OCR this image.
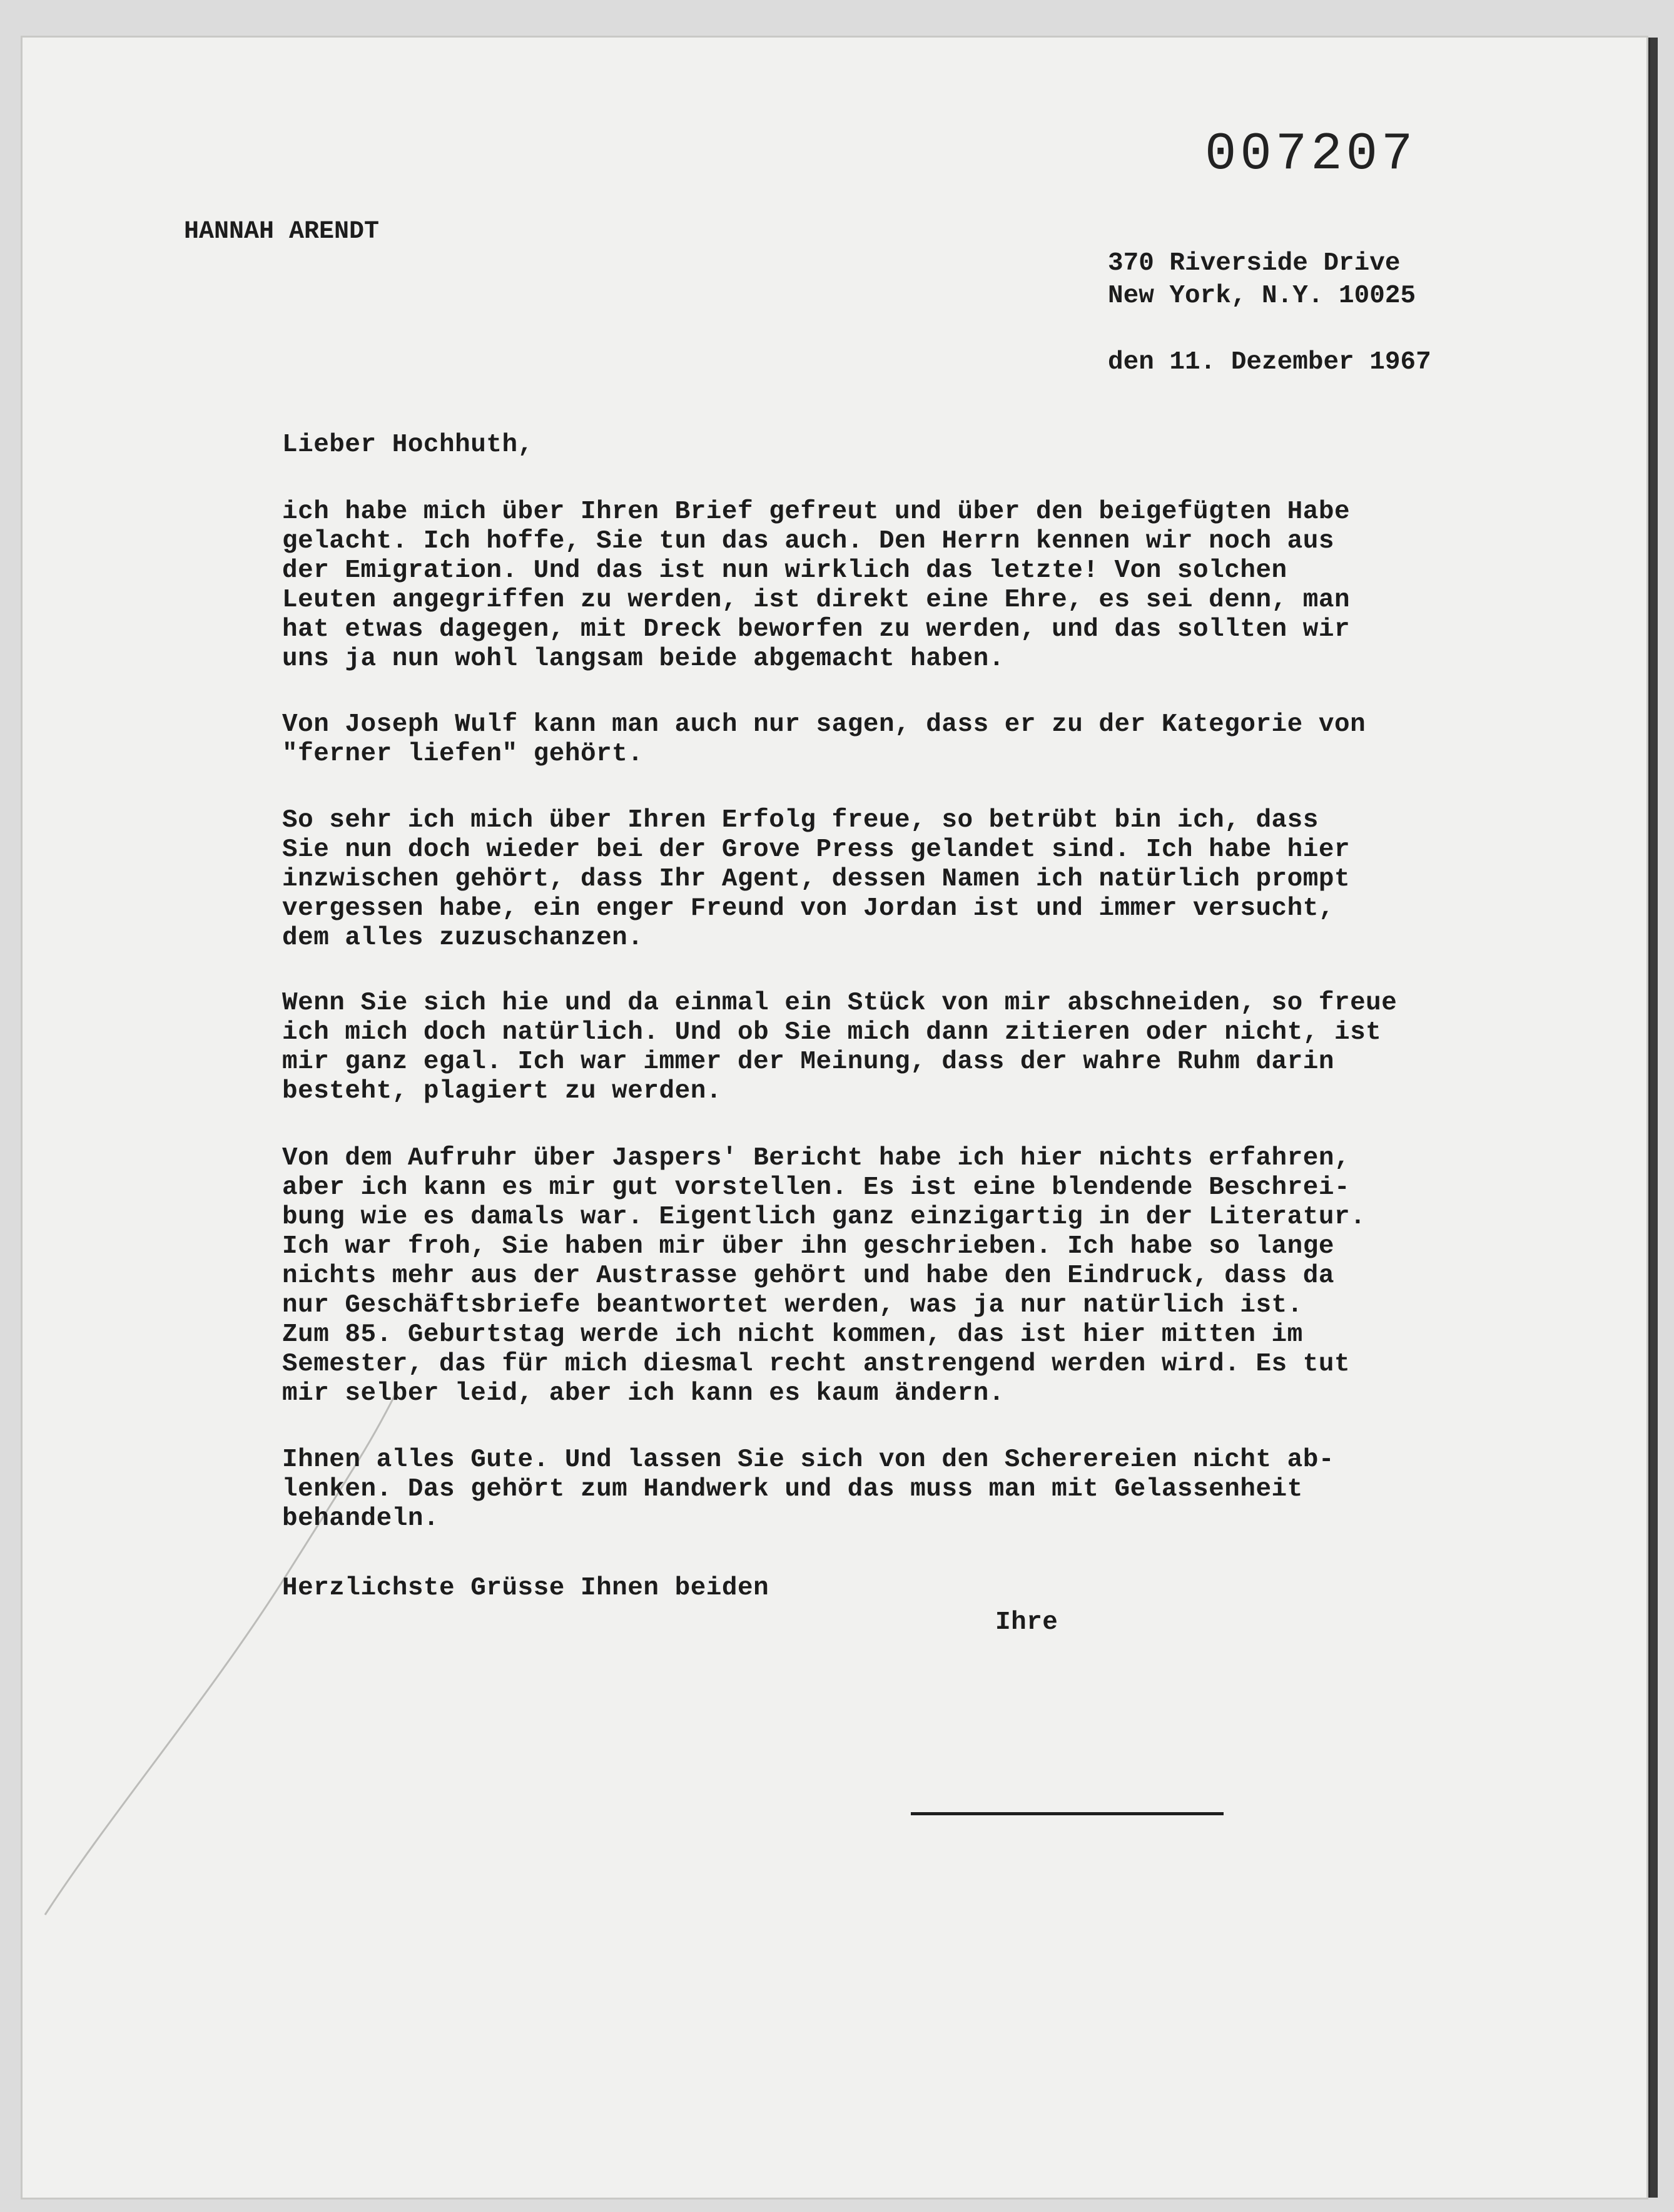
007207
HANNAH ARENDT
370 Riverside Drive
New York, N.Y. 10025
den 11. Dezember 1967
Lieber Hochhuth,
ich habe mich über Ihren Brief gefreut und über den beigefügten Habe
gelacht. Ich hoffe, Sie tun das auch. Den Herrn kennen wir noch aus
der Emigration. Und das ist nun wirklich das letzte! Von solchen
Leuten angegriffen zu werden, ist direkt eine Ehre, es sei denn, man
hat etwas dagegen, mit Dreck beworfen zu werden, und das sollten wir
uns ja nun wohl langsam beide abgemacht haben.
Von Joseph Wulf kann man auch nur sagen, dass er zu der Kategorie von
"ferner liefen" gehört.
So sehr ich mich über Ihren Erfolg freue, so betrübt bin ich, dass
Sie nun doch wieder bei der Grove Press gelandet sind. Ich habe hier
inzwischen gehört, dass Ihr Agent, dessen Namen ich natürlich prompt
vergessen habe, ein enger Freund von Jordan ist und immer versucht,
dem alles zuzuschanzen.
Wenn Sie sich hie und da einmal ein Stück von mir abschneiden, so freue
ich mich doch natürlich. Und ob Sie mich dann zitieren oder nicht, ist
mir ganz egal. Ich war immer der Meinung, dass der wahre Ruhm darin
besteht, plagiert zu werden.
Von dem Aufruhr über Jaspers' Bericht habe ich hier nichts erfahren,
aber ich kann es mir gut vorstellen. Es ist eine blendende Beschrei-
bung wie es damals war. Eigentlich ganz einzigartig in der Literatur.
Ich war froh, Sie haben mir über ihn geschrieben. Ich habe so lange
nichts mehr aus der Austrasse gehört und habe den Eindruck, dass da
nur Geschäftsbriefe beantwortet werden, was ja nur natürlich ist.
Zum 85. Geburtstag werde ich nicht kommen, das ist hier mitten im
Semester, das für mich diesmal recht anstrengend werden wird. Es tut
mir selber leid, aber ich kann es kaum ändern.
Ihnen alles Gute. Und lassen Sie sich von den Scherereien nicht ab-
lenken. Das gehört zum Handwerk und das muss man mit Gelassenheit
behandeln.
Herzlichste Grüsse Ihnen beiden
Ihre
